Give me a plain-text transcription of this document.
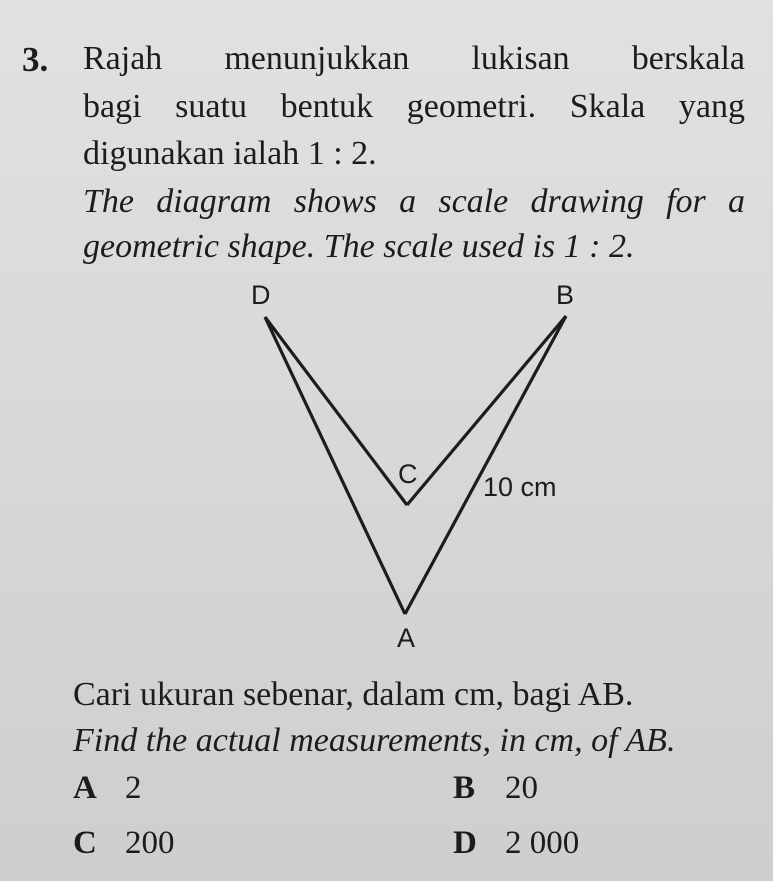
3. Rajah menunjukkan lukisan berskala
bagi suatu bentuk geometri. Skala yang
digunakan ialah 1 : 2.
The diagram shows a scale drawing for a
geometric shape. The scale used is 1 : 2.
D	B
C
A
10 cm
Cari ukuran sebenar, dalam cm, bagi AB.
Find the actual measurements, in cm, of AB.
A 2	B 20
C 200	D 2 000
